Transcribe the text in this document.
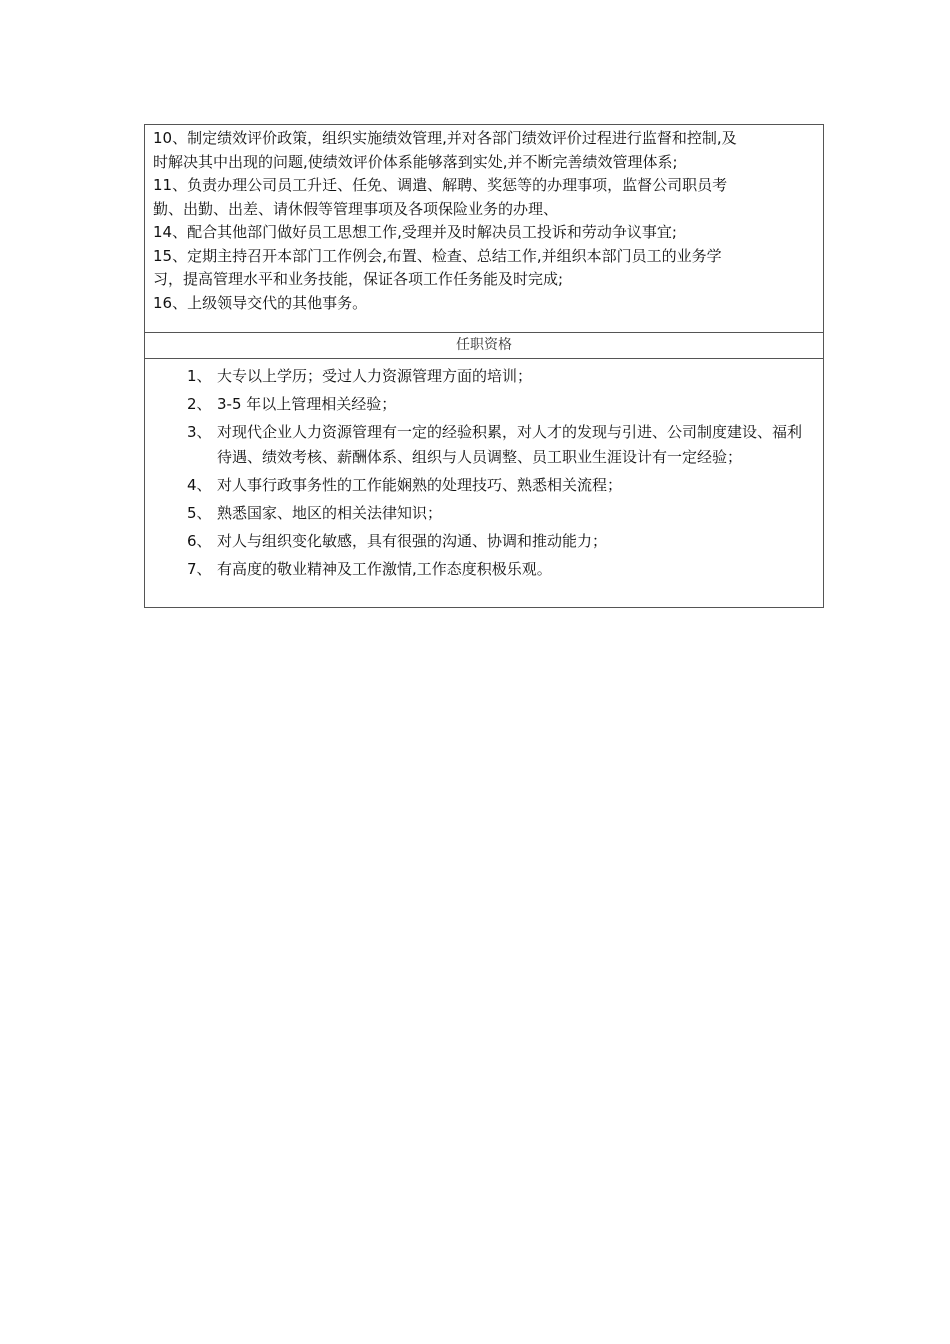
10、制定绩效评价政策，组织实施绩效管理,并对各部门绩效评价过程进行监督和控制,及
时解决其中出现的问题,使绩效评价体系能够落到实处,并不断完善绩效管理体系;
11、负责办理公司员工升迁、任免、调遣、解聘、奖惩等的办理事项，监督公司职员考
勤、出勤、出差、请休假等管理事项及各项保险业务的办理、
14、配合其他部门做好员工思想工作,受理并及时解决员工投诉和劳动争议事宜;
15、定期主持召开本部门工作例会,布置、检查、总结工作,并组织本部门员工的业务学
习，提高管理水平和业务技能，保证各项工作任务能及时完成;
16、上级领导交代的其他事务。
任职资格
1、 大专以上学历；受过人力资源管理方面的培训；
2、 3-5 年以上管理相关经验；
3、 对现代企业人力资源管理有一定的经验积累，对人才的发现与引进、公司制度建设、福利待遇、绩效考核、薪酬体系、组织与人员调整、员工职业生涯设计有一定经验；
4、 对人事行政事务性的工作能娴熟的处理技巧、熟悉相关流程；
5、 熟悉国家、地区的相关法律知识；
6、 对人与组织变化敏感，具有很强的沟通、协调和推动能力；
7、 有高度的敬业精神及工作激情,工作态度积极乐观。
